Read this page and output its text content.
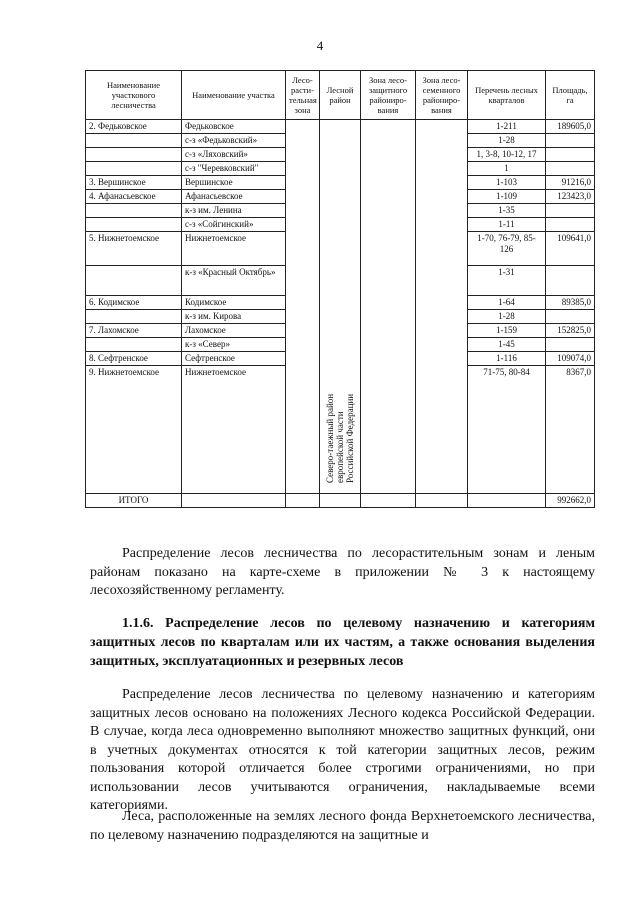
4
Наименование участкового лесничества	Наименование участка	Лесо-расти-тельная зона	Лесной район	Зона лесо-защитного райониро-вания	Зона лесо-семенного райониро-вания	Перечень лесных кварталов	Площадь, га
2. Федьковское	Федьковское		Северо-таежный район европейской части Российской Федерации			1-211	189605,0
	с-з «Федьковский»					1-28	
	с-з «Ляховский»					1, 3-8, 10-12, 17	
	с-з "Черевковский"					1	
3. Вершинское	Вершинское					1-103	91216,0
4. Афанасьевское	Афанасьевское					1-109	123423,0
	к-з им. Ленина					1-35	
	с-з «Сойгинский»					1-11	
5. Нижнетоемское	Нижнетоемское					1-70, 76-79, 85-126	109641,0
	к-з «Красный Октябрь»					1-31	
6. Кодимское	Кодимское					1-64	89385,0
	к-з им. Кирова					1-28	
7. Лахомское	Лахомское					1-159	152825,0
	к-з «Север»					1-45	
8. Сефтренское	Сефтренское					1-116	109074,0
9. Нижнетоемское	Нижнетоемское					71-75, 80-84	8367,0
ИТОГО							992662,0
Распределение лесов лесничества по лесорастительным зонам и леным районам показано на карте-схеме в приложении № 3 к настоящему лесохозяйственному регламенту.
1.1.6. Распределение лесов по целевому назначению и категориям защитных лесов по кварталам или их частям, а также основания выделения защитных, эксплуатационных и резервных лесов
Распределение лесов лесничества по целевому назначению и категориям защитных лесов основано на положениях Лесного кодекса Российской Федерации. В случае, когда леса одновременно выполняют множество защитных функций, они в учетных документах относятся к той категории защитных лесов, режим пользования которой отличается более строгими ограничениями, но при использовании лесов учитываются ограничения, накладываемые всеми категориями.
Леса, расположенные на землях лесного фонда Верхнетоемского лесничества, по целевому назначению подразделяются на защитные и
